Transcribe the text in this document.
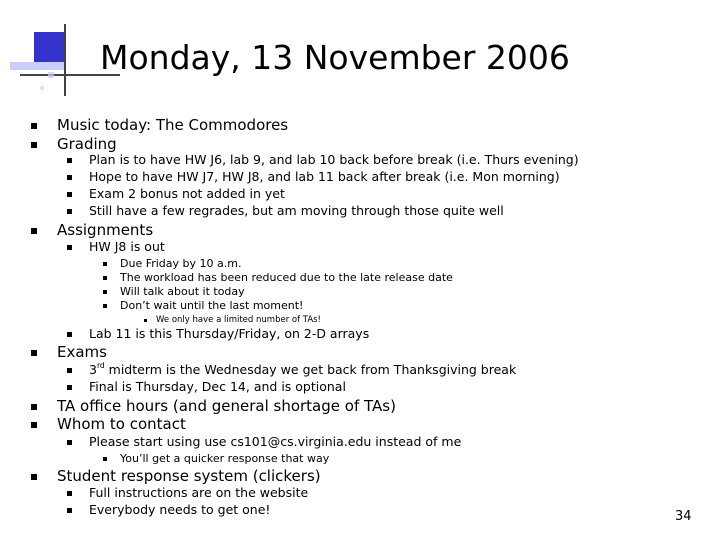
Monday, 13 November 2006
Music today: The Commodores
Grading
Plan is to have HW J6, lab 9, and lab 10 back before break (i.e. Thurs evening)
Hope to have HW J7, HW J8, and lab 11 back after break (i.e. Mon morning)
Exam 2 bonus not added in yet
Still have a few regrades, but am moving through those quite well
Assignments
HW J8 is out
Due Friday by 10 a.m.
The workload has been reduced due to the late release date
Will talk about it today
Don’t wait until the last moment!
We only have a limited number of TAs!
Lab 11 is this Thursday/Friday, on 2-D arrays
Exams
3rd midterm is the Wednesday we get back from Thanksgiving break
Final is Thursday, Dec 14, and is optional
TA office hours (and general shortage of TAs)
Whom to contact
Please start using use cs101@cs.virginia.edu instead of me
You’ll get a quicker response that way
Student response system (clickers)
Full instructions are on the website
Everybody needs to get one!	34
